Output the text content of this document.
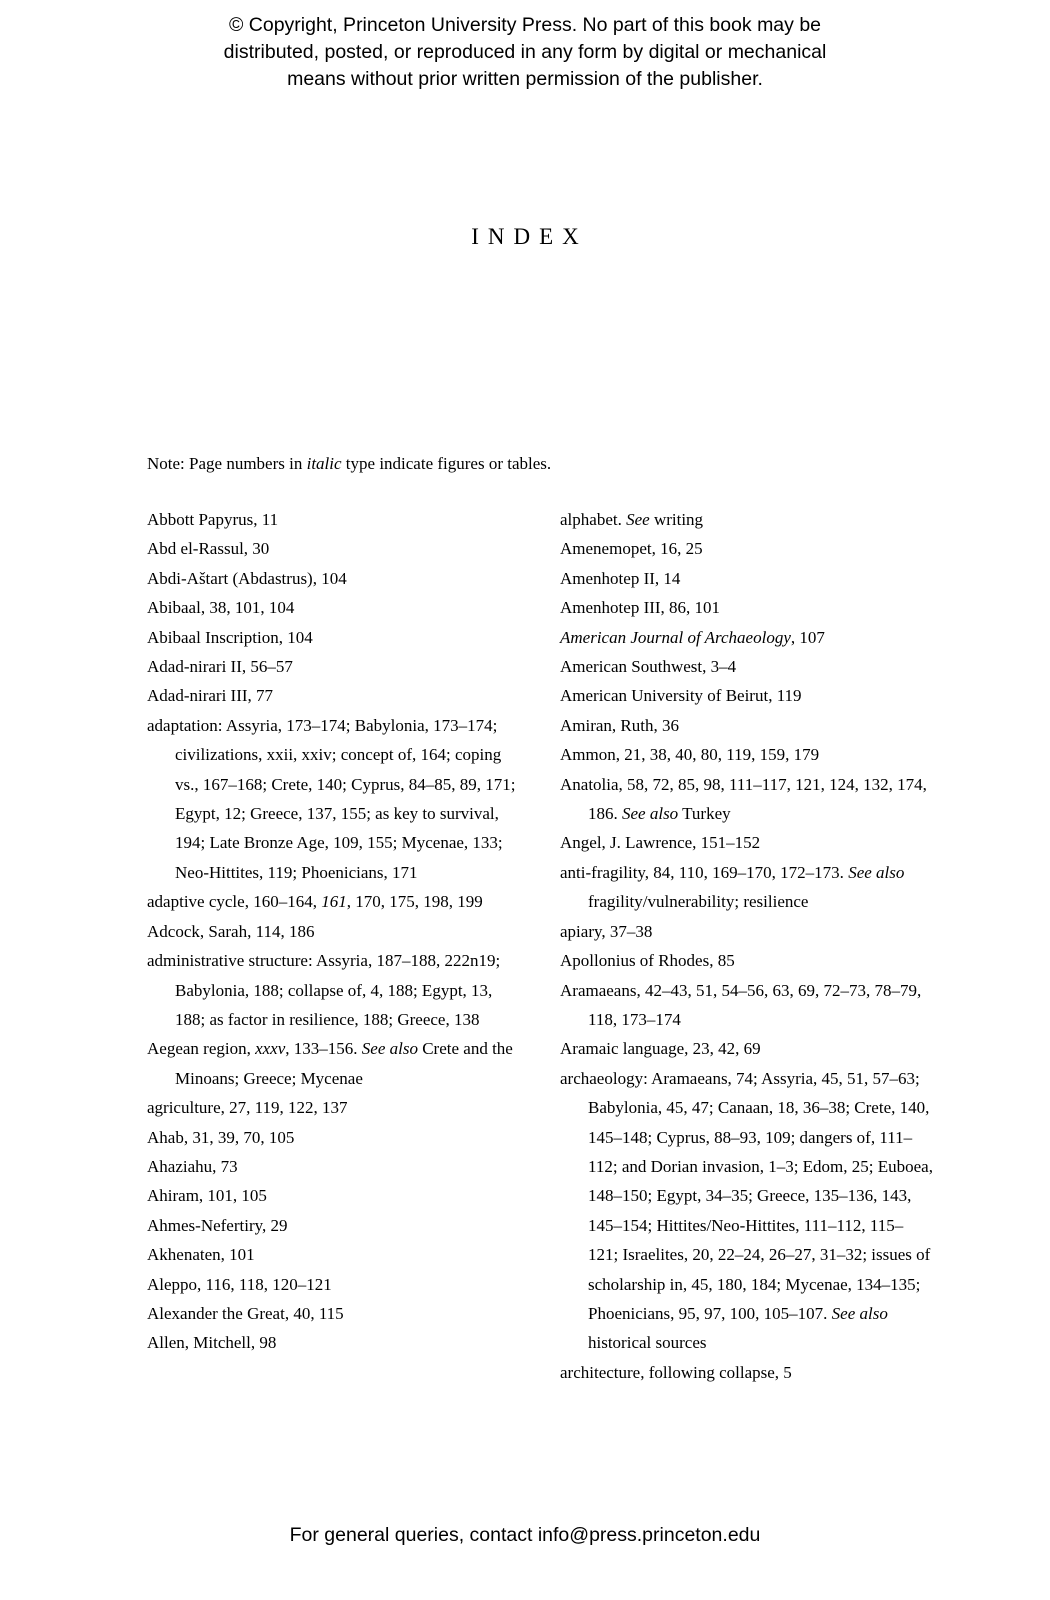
© Copyright, Princeton University Press. No part of this book may be
distributed, posted, or reproduced in any form by digital or mechanical
means without prior written permission of the publisher.
INDEX
Note: Page numbers in italic type indicate figures or tables.
Abbott Papyrus, 11
Abd el-Rassul, 30
Abdi-Aštart (Abdastrus), 104
Abibaal, 38, 101, 104
Abibaal Inscription, 104
Adad-nirari II, 56–57
Adad-nirari III, 77
adaptation: Assyria, 173–174; Babylonia, 173–174; civilizations, xxii, xxiv; concept of, 164; coping vs., 167–168; Crete, 140; Cyprus, 84–85, 89, 171; Egypt, 12; Greece, 137, 155; as key to survival, 194; Late Bronze Age, 109, 155; Mycenae, 133; Neo-Hittites, 119; Phoenicians, 171
adaptive cycle, 160–164, 161, 170, 175, 198, 199
Adcock, Sarah, 114, 186
administrative structure: Assyria, 187–188, 222n19; Babylonia, 188; collapse of, 4, 188; Egypt, 13, 188; as factor in resilience, 188; Greece, 138
Aegean region, xxxv, 133–156. See also Crete and the Minoans; Greece; Mycenae
agriculture, 27, 119, 122, 137
Ahab, 31, 39, 70, 105
Ahaziahu, 73
Ahiram, 101, 105
Ahmes-Nefertiry, 29
Akhenaten, 101
Aleppo, 116, 118, 120–121
Alexander the Great, 40, 115
Allen, Mitchell, 98
alphabet. See writing
Amenemopet, 16, 25
Amenhotep II, 14
Amenhotep III, 86, 101
American Journal of Archaeology, 107
American Southwest, 3–4
American University of Beirut, 119
Amiran, Ruth, 36
Ammon, 21, 38, 40, 80, 119, 159, 179
Anatolia, 58, 72, 85, 98, 111–117, 121, 124, 132, 174, 186. See also Turkey
Angel, J. Lawrence, 151–152
anti-fragility, 84, 110, 169–170, 172–173. See also fragility/vulnerability; resilience
apiary, 37–38
Apollonius of Rhodes, 85
Aramaeans, 42–43, 51, 54–56, 63, 69, 72–73, 78–79, 118, 173–174
Aramaic language, 23, 42, 69
archaeology: Aramaeans, 74; Assyria, 45, 51, 57–63; Babylonia, 45, 47; Canaan, 18, 36–38; Crete, 140, 145–148; Cyprus, 88–93, 109; dangers of, 111–112; and Dorian invasion, 1–3; Edom, 25; Euboea, 148–150; Egypt, 34–35; Greece, 135–136, 143, 145–154; Hittites/Neo-Hittites, 111–112, 115–121; Israelites, 20, 22–24, 26–27, 31–32; issues of scholarship in, 45, 180, 184; Mycenae, 134–135; Phoenicians, 95, 97, 100, 105–107. See also historical sources
architecture, following collapse, 5
For general queries, contact info@press.princeton.edu
